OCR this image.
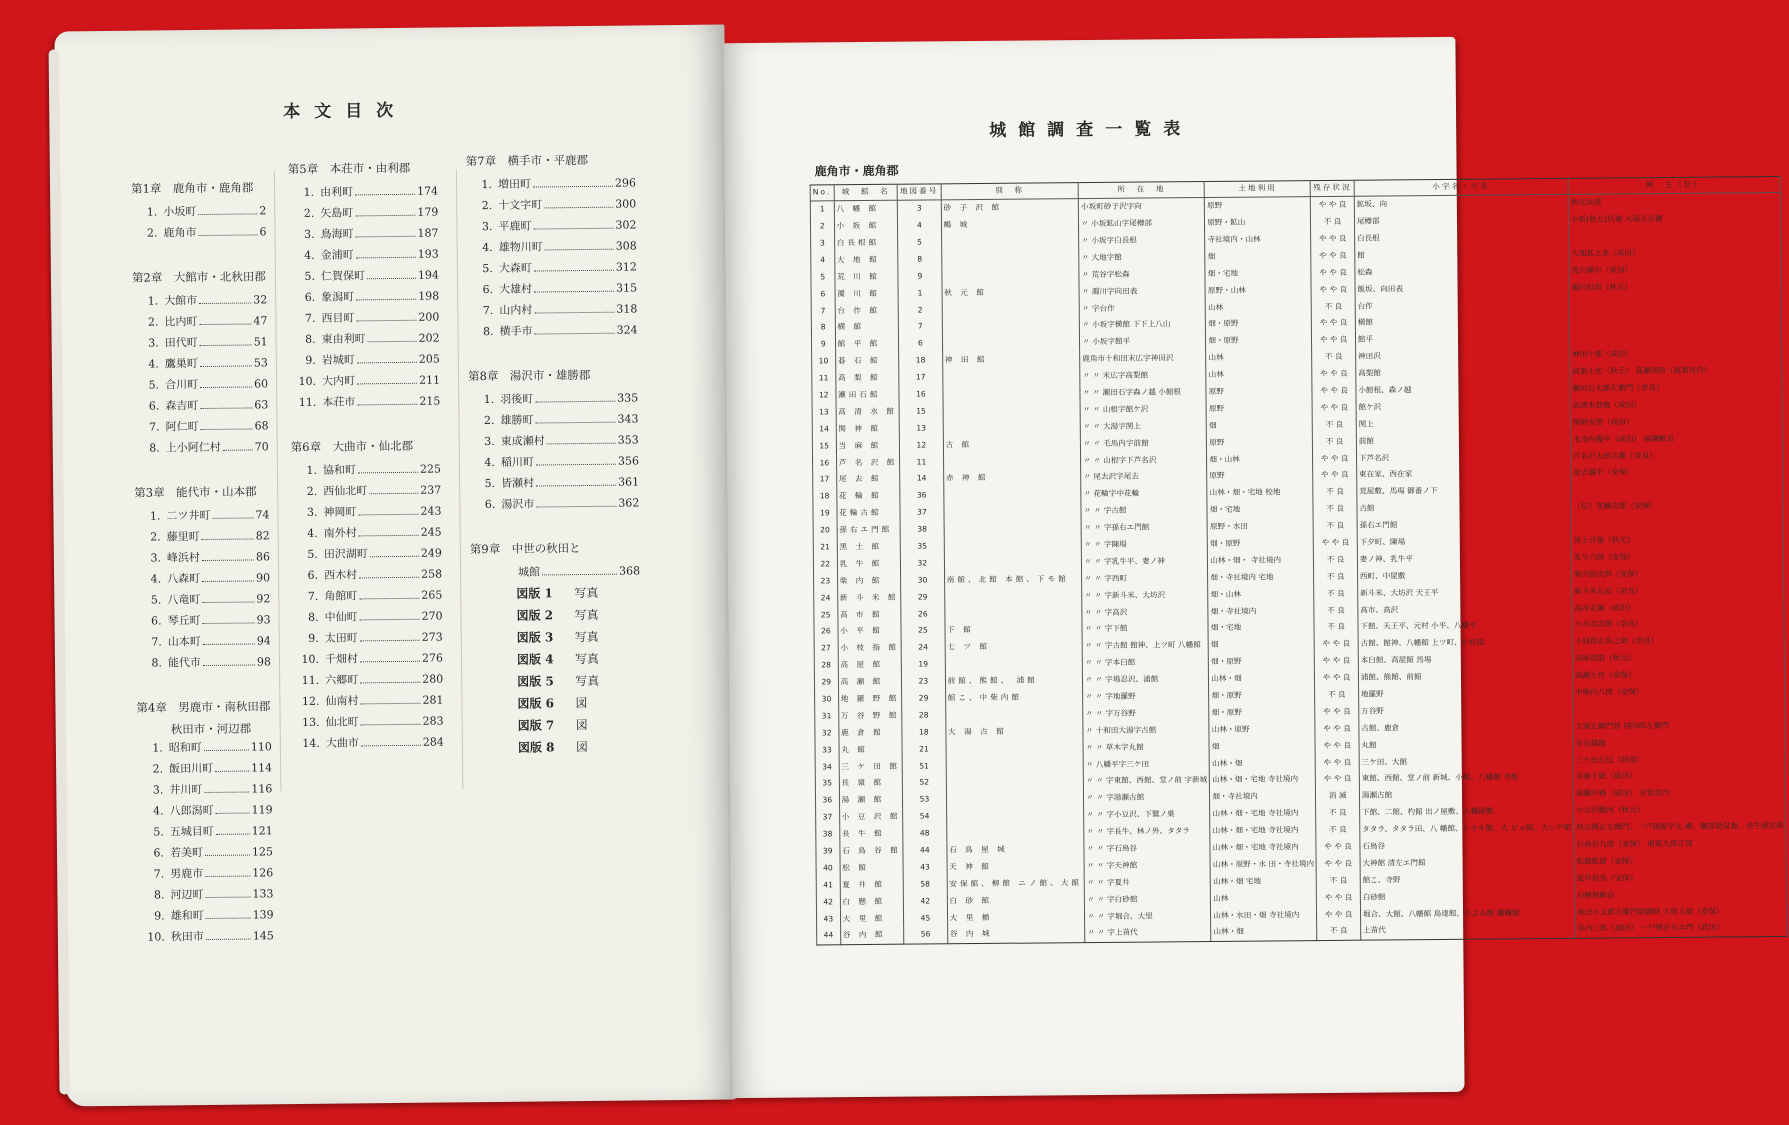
本文目次
第1章　鹿角市・鹿角郡
1. 小坂町	2
2. 鹿角市	6
第2章　大館市・北秋田郡
1. 大館市	32
2. 比内町	47
3. 田代町	51
4. 鷹巣町	53
5. 合川町	60
6. 森吉町	63
7. 阿仁町	68
8. 上小阿仁村	70
第3章　能代市・山本郡
1. 二ツ井町	74
2. 藤里町	82
3. 峰浜村	86
4. 八森町	90
5. 八竜町	92
6. 琴丘町	93
7. 山本町	94
8. 能代市	98
第4章　男鹿市・南秋田郡
秋田市・河辺郡
1. 昭和町	110
2. 飯田川町	114
3. 井川町	116
4. 八郎潟町	119
5. 五城目町	121
6. 若美町	125
7. 男鹿市	126
8. 河辺町	133
9. 雄和町	139
10. 秋田市	145
第5章　本荘市・由利郡
1. 由利町	174
2. 矢島町	179
3. 鳥海町	187
4. 金浦町	193
5. 仁賀保町	194
6. 象潟町	198
7. 西目町	200
8. 東由利町	202
9. 岩城町	205
10. 大内町	211
11. 本荘市	215
第6章　大曲市・仙北郡
1. 協和町	225
2. 西仙北町	237
3. 神岡町	243
4. 南外村	245
5. 田沢湖町	249
6. 西木村	258
7. 角館町	265
8. 中仙町	270
9. 太田町	273
10. 千畑村	276
11. 六郷町	280
12. 仙南村	281
13. 仙北町	283
14. 大曲市	284
第7章　横手市・平鹿郡
1. 増田町	296
2. 十文字町	300
3. 平鹿町	302
4. 雄物川町	308
5. 大森町	312
6. 大雄村	315
7. 山内村	318
8. 横手市	324
第8章　湯沢市・雄勝郡
1. 羽後町	335
2. 雄勝町	343
3. 東成瀬村	353
4. 稲川町	356
5. 皆瀬村	361
6. 湯沢市	362
第9章　中世の秋田と
城館	368
図版 1	写真
図版 2	写真
図版 3	写真
図版 4	写真
図版 5	写真
図版 6	図
図版 7	図
図版 8	図
城館調査一覧表
鹿角市・鹿角郡
No.	城　館　名	地図番号	別　称	所　在　地	土地利用	残存状況	小字名・小名	城　主（伝）
1	八 幡 館	3	砂 子 沢 館	小坂町砂子沢字向	原野	や や 良	鉱坂、向	秋元兵部
2	小 坂 館	4	鶴 城	〃 小坂鉱山字尾樽部	原野・鉱山	不 良	尾樽部	小坂(秋元)氏後 大湯五兵衛
3	白長根館	5		〃 小坂字白長根	寺社境内・山林	や や 良	白長根	
4	大 地 館	8		〃 大地字館	畑	や や 良	館	大地甚之丞（成田）
5	荒 川 館	9		〃 荒谷字松森	畑・宅地	や や 良	松森	荒川備中（成田）
6	濁 川 館	1	秋 元 館	〃 濁川字向田表	原野・山林	や や 良	飯坂、向田表	濁川但馬（秋元）
7	台 作 館	2		〃 字台作	山林	不 良	台作	
8	横 館	7		〃 小坂字横館 下下上八山	畑・原野	や や 良	横館	
9	館 平 館	6		〃 小坂字館平	畑・原野	や や 良	館平	
10	碁 石 館	18	神 田 館	鹿角市十和田末広字神田沢	山林	不 良	神田沢	神田十郎（成田）
11	高 梨 館	17		〃 〃 末広字高梨館	山林	や や 良	高梨館	高梨土佐（秋元） 高瀬周防（高梨宮内）
12	瀬田石館	16		〃 〃 瀬田石字森ノ越 小館根	原野	や や 良	小館根、森ノ越	瀬田石太郎左衛門（奈良）
13	高 清 水 館	15		〃 〃 山根字館ケ沢	原野	や や 良	館ケ沢	高清水登後（成田）
14	関 神 館	13		〃 〃 大湯字関上	畑	不 良	関上	関神安房（成田）
15	当 麻 館	12	古 館	〃 〃 毛馬内字前館	原野	不 良	前館	毛馬内備中（成田） 湯瀬駿良
16	芦 名 沢 館	11		〃 〃 山根字下芦名沢	畑・山林	や や 良	下芦名沢	芦名沢太郎兵衛（奈良）
17	尾 去 館	14	赤 神 館	〃 尾去沢字尾去	原野	や や 良	東在家、西在家	尾去越中（安保）
18	花 輪 館	36		〃 花輪字中花輪	山林・畑・宅地 校地	不 良	荒屋敷、馬場 御番ノ下	
19	花輪古館	37		〃 〃 字古館	畑・宅地	不 良	古館	（伝）花輪次郎（安保）
20	孫右エ門館	38		〃 〃 字孫右エ門館	原野・水田	不 良	孫右エ門館	
21	黒 土 館	35		〃 〃 字陳場	畑・原野	や や 良	下夕町、陳場	黒土丹後（秋元）
22	乳 牛 館	32		〃 〃 字乳牛平、妻ノ神	山林・畑・ 寺社境内	不 良	妻ノ神、乳牛平	乳牛六郎（安保）
23	柴 内 館	30	南館、北館 本館、下モ館	〃 〃 字西町	畑・寺社境内 宅地	不 良	西町、中屋敷	柴内弥次郎（安保）
24	新 斗 米 館	29		〃 〃 字新斗米、大坊沢	畑・山林	不 良	新斗米、大坊沢 天王平	新斗米左近（奈良）
25	高 市 館	26		〃 〃 字高沢	畑・寺社境内	不 良	高市、高沢	高市玄蕃（成田）
26	小 平 館	25	下 館	〃 〃 字下館	畑・宅地	不 良	下館、天王平、元村 小平、八幡平	小平彦次郎（奈良）
27	小 枝 指 館	24	七 ツ 館	〃 〃 字古館 館神、上ツ町 八幡館	畑	や や 良	古館、館神、八幡館 上ツ町、小枝指	小枝指左馬之助（奈良）
28	高 屋 館	19		〃 〃 字本臼館	畑・原野	や や 良	本臼館、高屋館 馬場	高屋筑前（秋元）
29	高 瀬 館	23	前館、熊館、 浦館	〃 〃 字場忍沢、浦館	山林・畑	や や 良	浦館、熊館、前館	高瀬土佐（安保）
30	地 羅 野 館	29	館こ、中柴内館	〃 〃 字地羅野	畑・原野	不 良	地羅野	中柴内八郎（安保）
31	万 谷 野 館	28		〃 〃 字万谷野	畑・原野	や や 良	万谷野	
32	鹿 倉 館	18	大 湯 古 館	〃 十和田大湯字古館	山林・原野	や や 良	古館、鹿倉	大湯左衛門督 同四郎左衛門
33	丸 館	21		〃 〃 草木字丸館	畑	や や 良	丸館	奈良越後
34	三 ケ 田 館	51		〃 八幡平字三ケ田	山林・畑	や や 良	三ケ田、大館	三ケ田左近（阿部）
35	長 嶺 館	52		〃 〃 字東館、西館、堂ノ前 字新城	山林・畑・宅地 寺社境内	や や 良	東館、西館、堂ノ前 新城、小館、八幡館 寺館	長嶺下総（成田）
36	湯 瀬 館	53		〃 〃 字湯瀬古館	畑・寺社境内	消 滅	湯瀬古館	湯瀬中務（成田） 安信宮内
37	小 豆 沢 館	54		〃 〃 字小豆沢、下鷲ノ巣	山林・畑・宅地 寺社境内	不 良	下館、二館、杓館 出ノ屋敷、八幡屋敷	小豆沢駿河（秋元）
38	長 牛 館	48		〃 〃 字長牛、林ノ外、タタラ	山林・畑・宅地 寺社境内	不 良	タタラ、タタラ田、八 幡館、シセキ館、大 ビョ館、大シゲ館	秋元弾正左衛門、一戸孫源字太 衛、織部助見養、長牛孫次郎
39	石 鳥 谷 館	44	石 鳥 屋 城	〃 〃 字石鳥谷	山林・畑・宅地 寺社境内	や や 良	石鳥谷	石鳥谷九郎（安保） 南部九郎正茂
40	松 館	43	天 神 館	〃 〃 字天神館	山林・原野・水 田・寺社境内	や や 良	大神館 清左エ門館	松館紘前（安保）
41	夏 井 館	58	安保館、柳館 ニノ館、大館	〃 〃 字夏井	山林・畑 宅地	不 良	館こ、寺野	夏井但馬（安保）
42	白 懸 館	42	白 砂 館	〃 〃 字白砂館	山林	や や 良	白砂館	白懸勘解由
43	大 里 館	45	大 里 楯	〃 〃 字堀合、大里	山林・水田・畑 寺社境内	や や 良	堀合、大館、八幡館 鳥達館、小ぶみ館 幡幢館	成田小太郎左衛門尉顕時 大里上総（安保）
44	谷 内 館	56	谷 内 城	〃 〃 字上苗代	山林・畑	不 良	上苗代	谷内三郎（成田） 一戸弾正左エ門（武田）
